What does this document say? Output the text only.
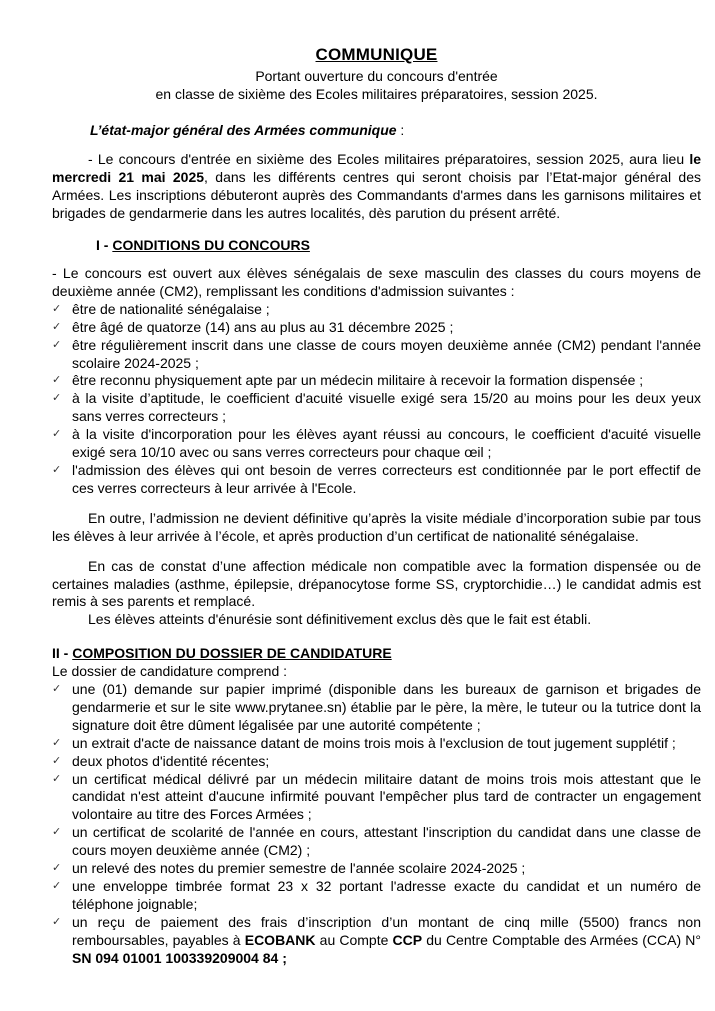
COMMUNIQUE

Portant ouverture du concours d'entrée

en classe de sixième des Ecoles militaires préparatoires, session 2025.

L’état-major général des Armées communique :

- Le concours d'entrée en sixième des Ecoles militaires préparatoires, session 2025, aura lieu le mercredi 21 mai 2025, dans les différents centres qui seront choisis par l’Etat-major général des Armées. Les inscriptions débuteront auprès des Commandants d'armes dans les garnisons militaires et brigades de gendarmerie dans les autres localités, dès parution du présent arrêté.

I - CONDITIONS DU CONCOURS

- Le concours est ouvert aux élèves sénégalais de sexe masculin des classes du cours moyens de deuxième année (CM2), remplissant les conditions d'admission suivantes :

✓ être de nationalité sénégalaise ;
✓ être âgé de quatorze (14) ans au plus au 31 décembre 2025 ;
✓ être régulièrement inscrit dans une classe de cours moyen deuxième année (CM2) pendant l'année scolaire 2024-2025 ;
✓ être reconnu physiquement apte par un médecin militaire à recevoir la formation dispensée ;
✓ à la visite d’aptitude, le coefficient d'acuité visuelle exigé sera 15/20 au moins pour les deux yeux sans verres correcteurs ;
✓ à la visite d'incorporation pour les élèves ayant réussi au concours, le coefficient d'acuité visuelle exigé sera 10/10 avec ou sans verres correcteurs pour chaque œil ;
✓ l'admission des élèves qui ont besoin de verres correcteurs est conditionnée par le port effectif de ces verres correcteurs à leur arrivée à l'Ecole.

En outre, l’admission ne devient définitive qu’après la visite médiale d’incorporation subie par tous les élèves à leur arrivée à l’école, et après production d’un certificat de nationalité sénégalaise.

En cas de constat d’une affection médicale non compatible avec la formation dispensée ou de certaines maladies (asthme, épilepsie, drépanocytose forme SS, cryptorchidie…) le candidat admis est remis à ses parents et remplacé.

Les élèves atteints d'énurésie sont définitivement exclus dès que le fait est établi.

II - COMPOSITION DU DOSSIER DE CANDIDATURE

Le dossier de candidature comprend :

✓ une (01) demande sur papier imprimé (disponible dans les bureaux de garnison et brigades de gendarmerie et sur le site www.prytanee.sn) établie par le père, la mère, le tuteur ou la tutrice dont la signature doit être dûment légalisée par une autorité compétente ;
✓ un extrait d'acte de naissance datant de moins trois mois à l'exclusion de tout jugement supplétif ;
✓ deux photos d'identité récentes;
✓ un certificat médical délivré par un médecin militaire datant de moins trois mois attestant que le candidat n'est atteint d'aucune infirmité pouvant l'empêcher plus tard de contracter un engagement volontaire au titre des Forces Armées ;
✓ un certificat de scolarité de l'année en cours, attestant l'inscription du candidat dans une classe de cours moyen deuxième année (CM2) ;
✓ un relevé des notes du premier semestre de l'année scolaire 2024-2025 ;
✓ une enveloppe timbrée format 23 x 32 portant l'adresse exacte du candidat et un numéro de téléphone joignable;
✓ un reçu de paiement des frais d’inscription d’un montant de cinq mille (5500) francs non remboursables, payables à ECOBANK au Compte CCP du Centre Comptable des Armées (CCA) N° SN 094 01001 100339209004 84 ;
